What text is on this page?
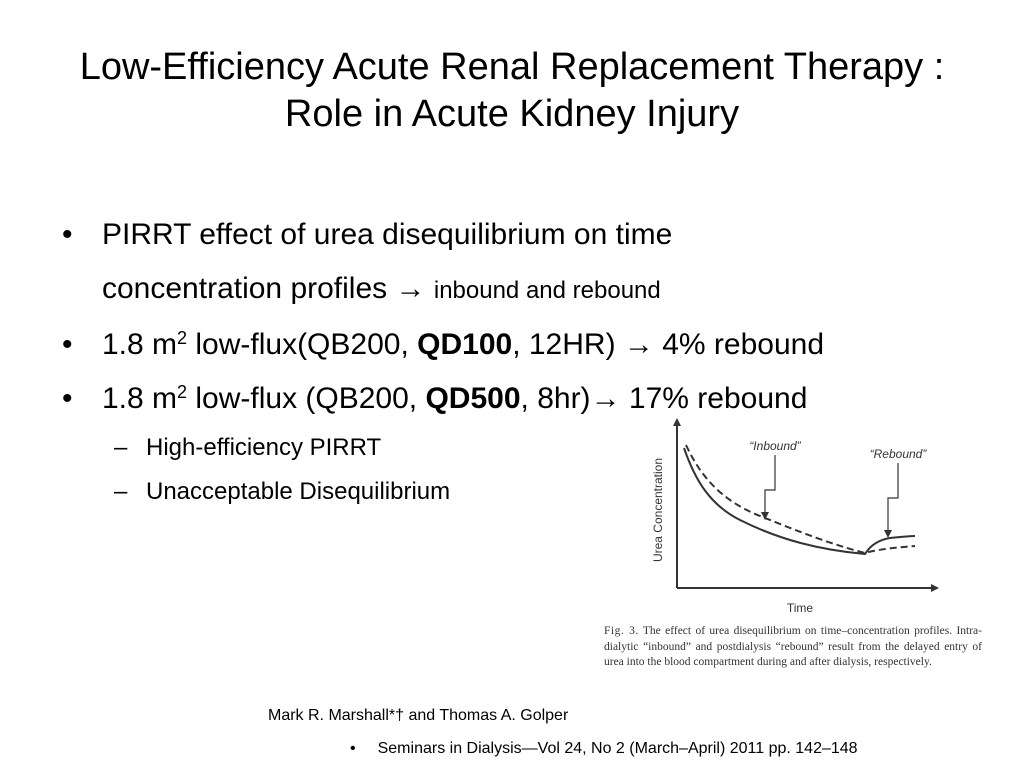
Low-Efficiency Acute Renal Replacement Therapy :
Role in Acute Kidney Injury
• PIRRT effect of urea disequilibrium on time
concentration profiles → inbound and rebound
• 1.8 $m^2$ low-flux(QB200, QD100, 12HR) → 4% rebound
• 1.8 $m^2$ low-flux (QB200, QD500, 8hr)→ 17% rebound
– High-efficiency PIRRT
– Unacceptable Disequilibrium	Urea Concentration
Time
“Inbound”
“Rebound”
Fig. 3. The effect of urea disequilibrium on time–concentration profiles. Intra-dialytic “inbound” and postdialysis “rebound” result from the delayed entry of urea into the blood compartment during and after dialysis, respectively.
Mark R. Marshall*† and Thomas A. Golper
• Seminars in Dialysis—Vol 24, No 2 (March–April) 2011 pp. 142–148
